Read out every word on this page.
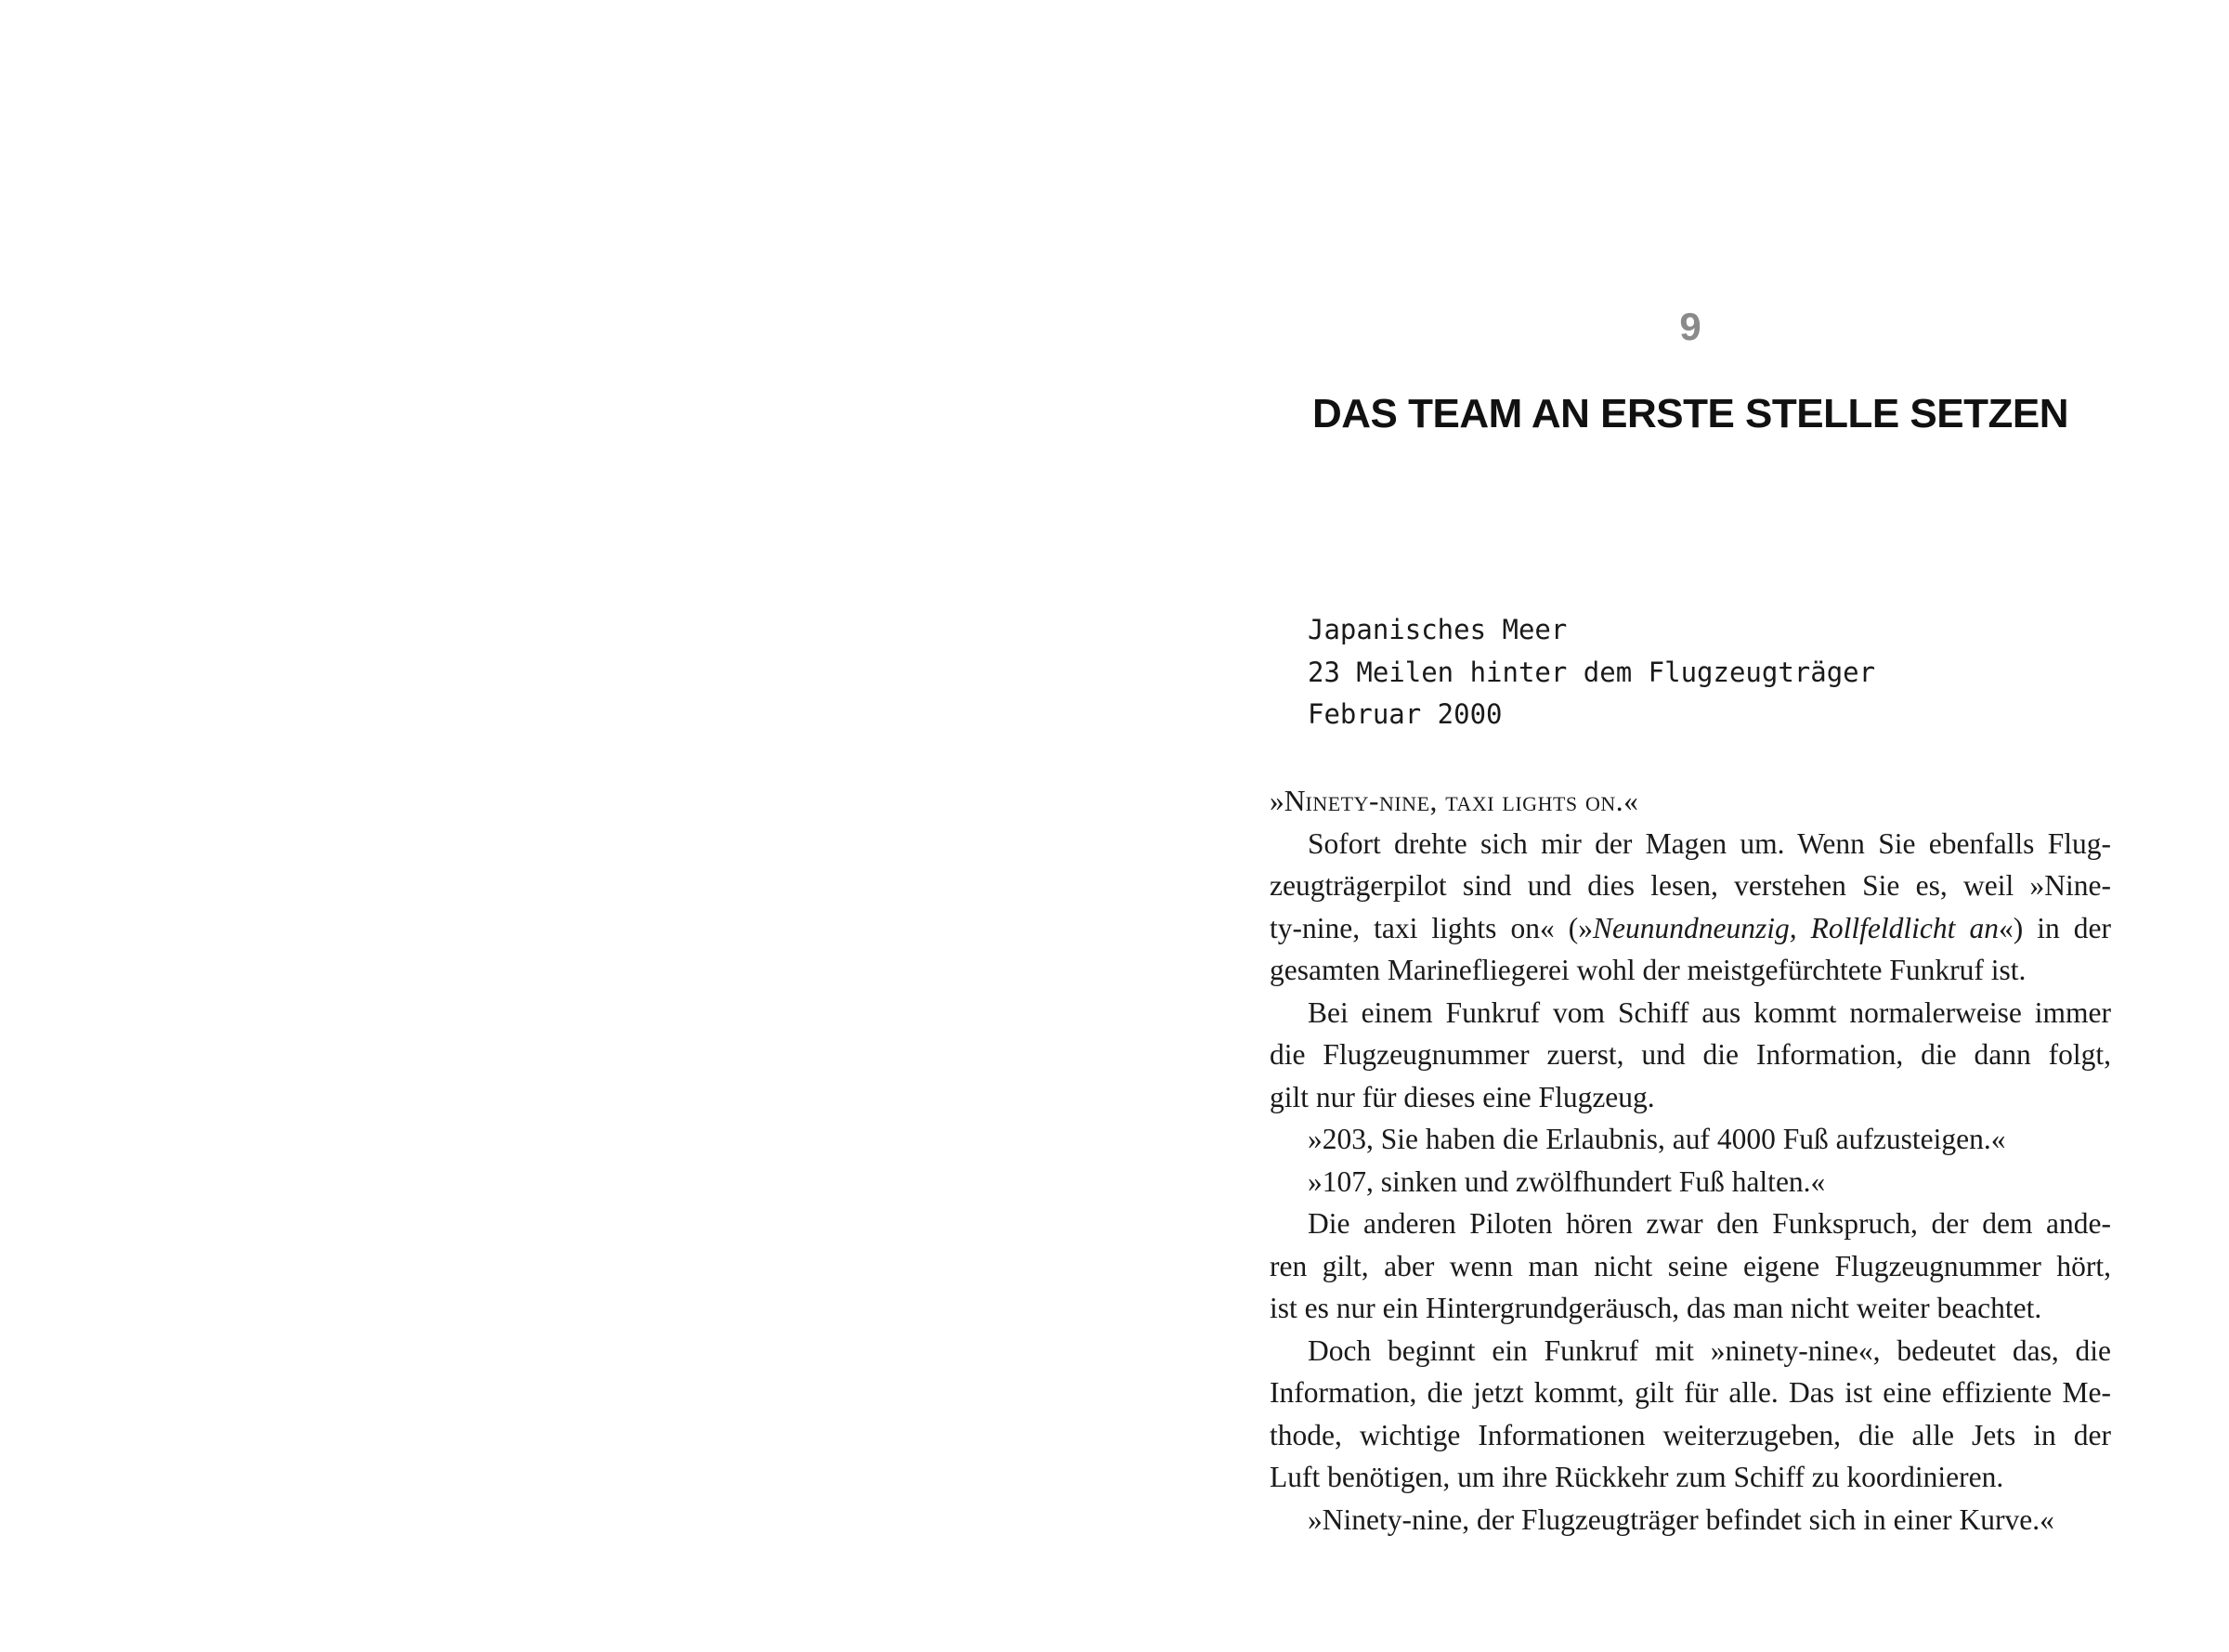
9
DAS TEAM AN ERSTE STELLE SETZEN
Japanisches Meer
23 Meilen hinter dem Flugzeugträger
Februar 2000

»Ninety-nine, taxi lights on.«

Sofort drehte sich mir der Magen um. Wenn Sie ebenfalls Flug-
zeugträgerpilot sind und dies lesen, verstehen Sie es, weil »Nine-
ty-nine, taxi lights on« (»Neunundneunzig, Rollfeldlicht an«) in der
gesamten Marinefliegerei wohl der meistgefürchtete Funkruf ist.
Bei einem Funkruf vom Schiff aus kommt normalerweise immer
die Flugzeugnummer zuerst, und die Information, die dann folgt,
gilt nur für dieses eine Flugzeug.
»203, Sie haben die Erlaubnis, auf 4000 Fuß aufzusteigen.«
»107, sinken und zwölfhundert Fuß halten.«
Die anderen Piloten hören zwar den Funkspruch, der dem ande-
ren gilt, aber wenn man nicht seine eigene Flugzeugnummer hört,
ist es nur ein Hintergrundgeräusch, das man nicht weiter beachtet.
Doch beginnt ein Funkruf mit »ninety-nine«, bedeutet das, die
Information, die jetzt kommt, gilt für alle. Das ist eine effiziente Me-
thode, wichtige Informationen weiterzugeben, die alle Jets in der
Luft benötigen, um ihre Rückkehr zum Schiff zu koordinieren.
»Ninety-nine, der Flugzeugträger befindet sich in einer Kurve.«
